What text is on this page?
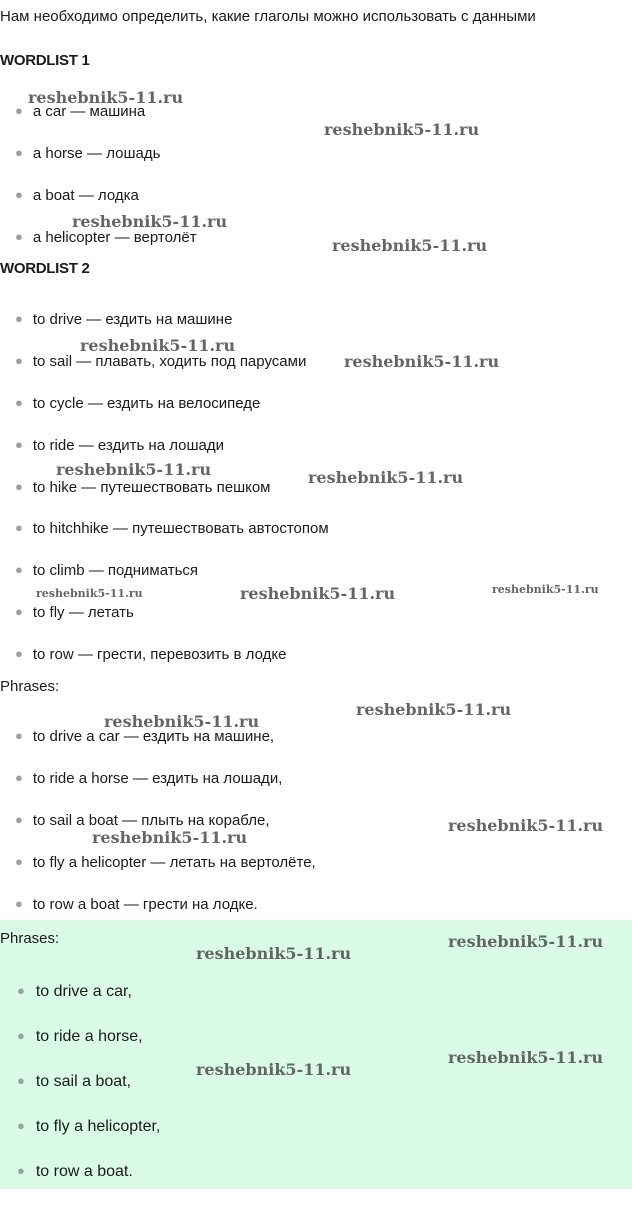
Нам необходимо определить, какие глаголы можно использовать с данными
WORDLIST 1
● a car — машина
● a horse — лошадь
● a boat — лодка
● a helicopter — вертолёт
WORDLIST 2
● to drive — ездить на машине
● to sail — плавать, ходить под парусами
● to cycle — ездить на велосипеде
● to ride — ездить на лошади
● to hike — путешествовать пешком
● to hitchhike — путешествовать автостопом
● to climb — подниматься
● to fly — летать
● to row — грести, перевозить в лодке
Phrases:
● to drive a car — ездить на машине,
● to ride a horse — ездить на лошади,
● to sail a boat — плыть на корабле,
● to fly a helicopter — летать на вертолёте,
● to row a boat — грести на лодке.
Phrases:
● to drive a car,
● to ride a horse,
● to sail a boat,
● to fly a helicopter,
● to row a boat.
reshebnik5-11.ru
reshebnik5-11.ru
reshebnik5-11.ru
reshebnik5-11.ru
reshebnik5-11.ru
reshebnik5-11.ru
reshebnik5-11.ru	reshebnik5-11.ru
reshebnik5-11.ru	reshebnik5-11.ru	reshebnik5-11.ru
reshebnik5-11.ru
reshebnik5-11.ru
reshebnik5-11.ru
reshebnik5-11.ru
reshebnik5-11.ru
reshebnik5-11.ru
reshebnik5-11.ru
reshebnik5-11.ru
